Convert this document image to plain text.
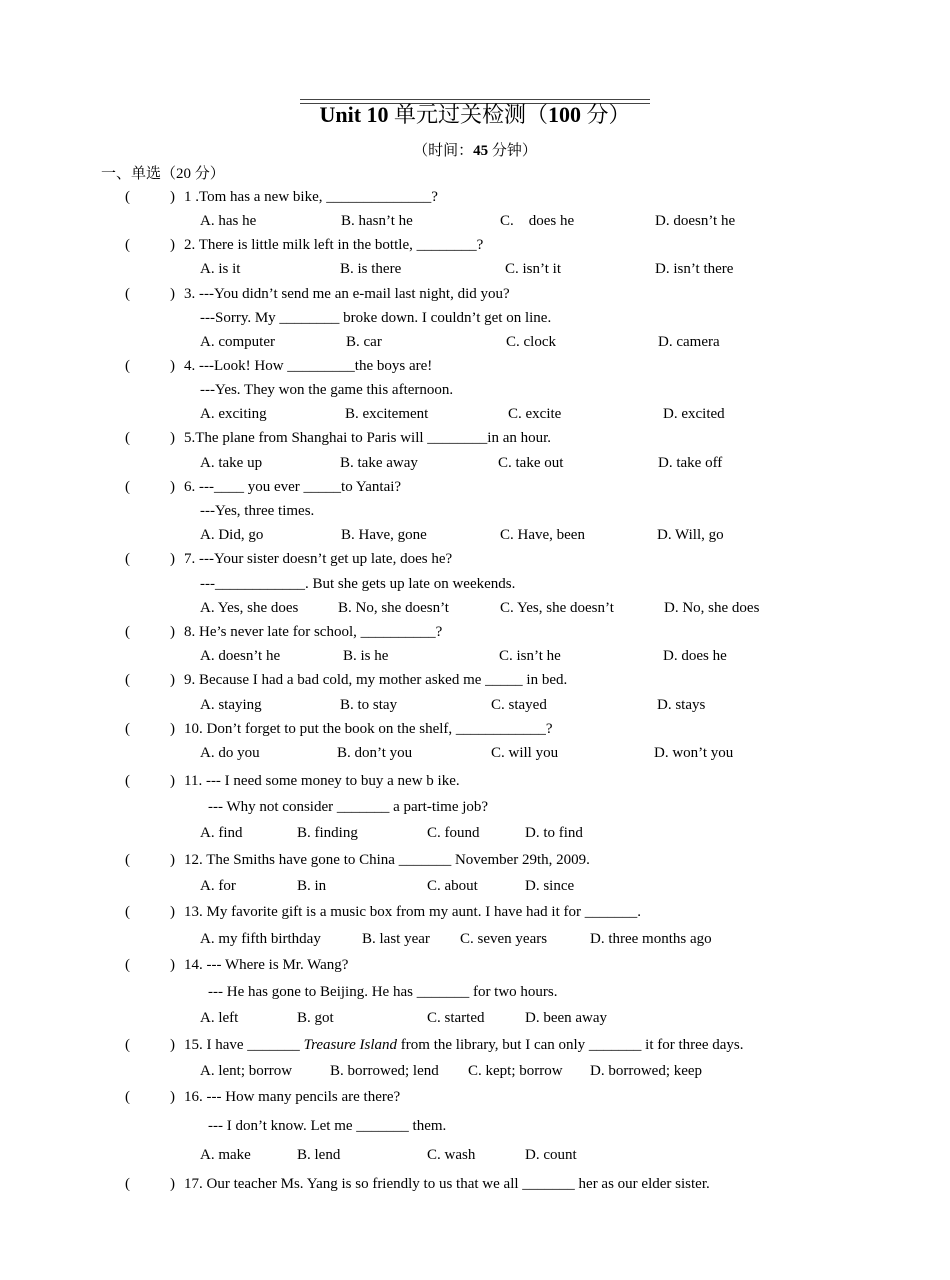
Unit 10 单元过关检测（100 分）
（时间：45 分钟）
一、单选（20 分）
(	) 1 .Tom has a new bike, ______________?
A. has he	B. hasn’t he	C.    does he	D. doesn’t he
(	) 2. There is little milk left in the bottle, ________?
A. is it	B. is there	C. isn’t it	D. isn’t there
(	) 3. ---You didn’t send me an e-mail last night, did you?
---Sorry. My ________ broke down. I couldn’t get on line.
A. computer	B. car	C. clock	D. camera
(	) 4. ---Look! How _________the boys are!
---Yes. They won the game this afternoon.
A. exciting	B. excitement	C. excite	D. excited
(	) 5.The plane from Shanghai to Paris will ________in an hour.
A. take up	B. take away	C. take out	D. take off
(	) 6. ---____ you ever _____to Yantai?
---Yes, three times.
A. Did, go	B. Have, gone	C. Have, been	D. Will, go
(	) 7. ---Your sister doesn’t get up late, does he?
---____________. But she gets up late on weekends.
A. Yes, she does	B. No, she doesn’t	C. Yes, she doesn’t	D. No, she does
(	) 8. He’s never late for school, __________?
A. doesn’t he	B. is he	C. isn’t he	D. does he
(	) 9. Because I had a bad cold, my mother asked me _____ in bed.
A. staying	B. to stay	C. stayed	D. stays
(	) 10. Don’t forget to put the book on the shelf, ____________?
A. do you	B. don’t you	C. will you	D. won’t you
(	) 11. --- I need some money to buy a new b ike.
--- Why not consider _______ a part-time job?
A. find	B. finding	C. found	D. to find
(	) 12. The Smiths have gone to China _______ November 29th, 2009.
A. for	B. in	C. about	D. since
(	) 13. My favorite gift is a music box from my aunt. I have had it for _______.
A. my fifth birthday	B. last year C. seven years	D. three months ago
(	) 14. --- Where is Mr. Wang?
--- He has gone to Beijing. He has _______ for two hours.
A. left	B. got	C. started	D. been away
(	) 15. I have _______ Treasure Island from the library, but I can only _______ it for three days.
A. lent; borrow	B. borrowed; lend C. kept; borrow D. borrowed; keep
(	) 16. --- How many pencils are there?
--- I don’t know. Let me _______ them.
A. make	B. lend	C. wash	D. count
(	) 17. Our teacher Ms. Yang is so friendly to us that we all _______ her as our elder sister.
